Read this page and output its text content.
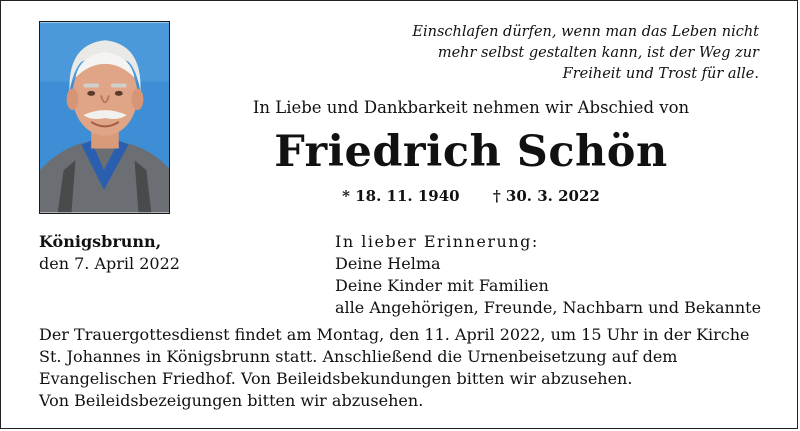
Einschlafen dürfen, wenn man das Leben nicht
mehr selbst gestalten kann, ist der Weg zur
Freiheit und Trost für alle.
In Liebe und Dankbarkeit nehmen wir Abschied von
Friedrich Schön
* 18. 11. 1940 † 30. 3. 2022
Königsbrunn,
den 7. April 2022
In lieber Erinnerung:
Deine Helma
Deine Kinder mit Familien
alle Angehörigen, Freunde, Nachbarn und Bekannte
Der Trauergottesdienst findet am Montag, den 11. April 2022, um 15 Uhr in der Kirche
St. Johannes in Königsbrunn statt. Anschließend die Urnenbeisetzung auf dem
Evangelischen Friedhof. Von Beileidsbekundungen bitten wir abzusehen.
Von Beileidsbezeigungen bitten wir abzusehen.
